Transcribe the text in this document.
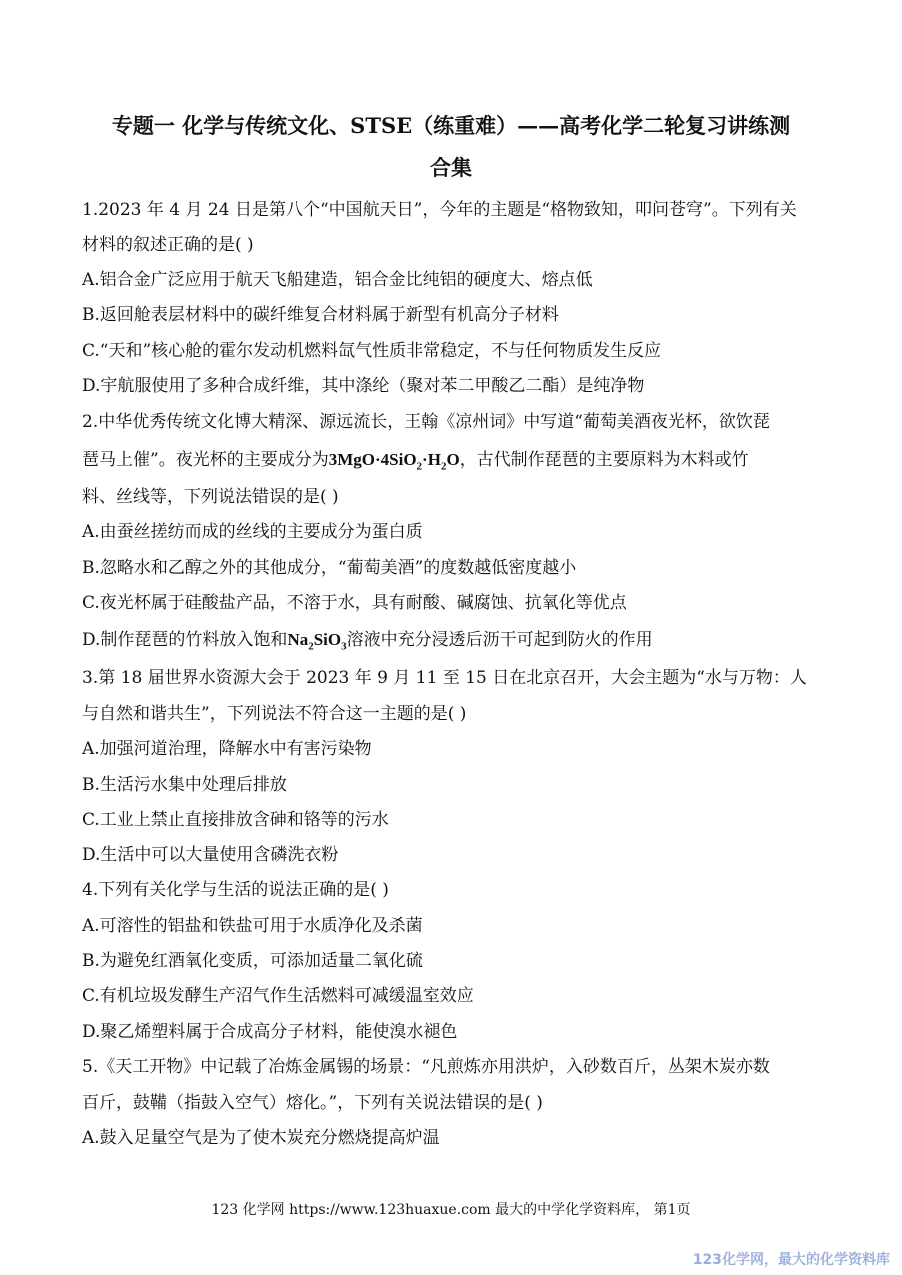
专题一 化学与传统文化、STSE（练重难）——高考化学二轮复习讲练测
合集
1.2023 年 4 月 24 日是第八个“中国航天日”，今年的主题是“格物致知，叩问苍穹”。下列有关
材料的叙述正确的是( )
A.铝合金广泛应用于航天飞船建造，铝合金比纯铝的硬度大、熔点低
B.返回舱表层材料中的碳纤维复合材料属于新型有机高分子材料
C.“天和”核心舱的霍尔发动机燃料氙气性质非常稳定，不与任何物质发生反应
D.宇航服使用了多种合成纤维，其中涤纶（聚对苯二甲酸乙二酯）是纯净物
2.中华优秀传统文化博大精深、源远流长，王翰《凉州词》中写道“葡萄美酒夜光杯，欲饮琵
琶马上催”。夜光杯的主要成分为$3MgO\cdot 4SiO_2\cdot H_2O$，古代制作琵琶的主要原料为木料或竹
料、丝线等，下列说法错误的是( )
A.由蚕丝搓纺而成的丝线的主要成分为蛋白质
B.忽略水和乙醇之外的其他成分，“葡萄美酒”的度数越低密度越小
C.夜光杯属于硅酸盐产品，不溶于水，具有耐酸、碱腐蚀、抗氧化等优点
D.制作琵琶的竹料放入饱和$Na_2SiO_3$溶液中充分浸透后沥干可起到防火的作用
3.第 18 届世界水资源大会于 2023 年 9 月 11 至 15 日在北京召开，大会主题为“水与万物：人
与自然和谐共生”，下列说法不符合这一主题的是( )
A.加强河道治理，降解水中有害污染物
B.生活污水集中处理后排放
C.工业上禁止直接排放含砷和铬等的污水
D.生活中可以大量使用含磷洗衣粉
4.下列有关化学与生活的说法正确的是( )
A.可溶性的铝盐和铁盐可用于水质净化及杀菌
B.为避免红酒氧化变质，可添加适量二氧化硫
C.有机垃圾发酵生产沼气作生活燃料可减缓温室效应
D.聚乙烯塑料属于合成高分子材料，能使溴水褪色
5.《天工开物》中记载了冶炼金属锡的场景：“凡煎炼亦用洪炉，入砂数百斤，丛架木炭亦数
百斤，鼓鞴（指鼓入空气）熔化。”，下列有关说法错误的是( )
A.鼓入足量空气是为了使木炭充分燃烧提高炉温
123 化学网 https://www.123huaxue.com 最大的中学化学资料库， 第1页
123化学网，最大的化学资料库
